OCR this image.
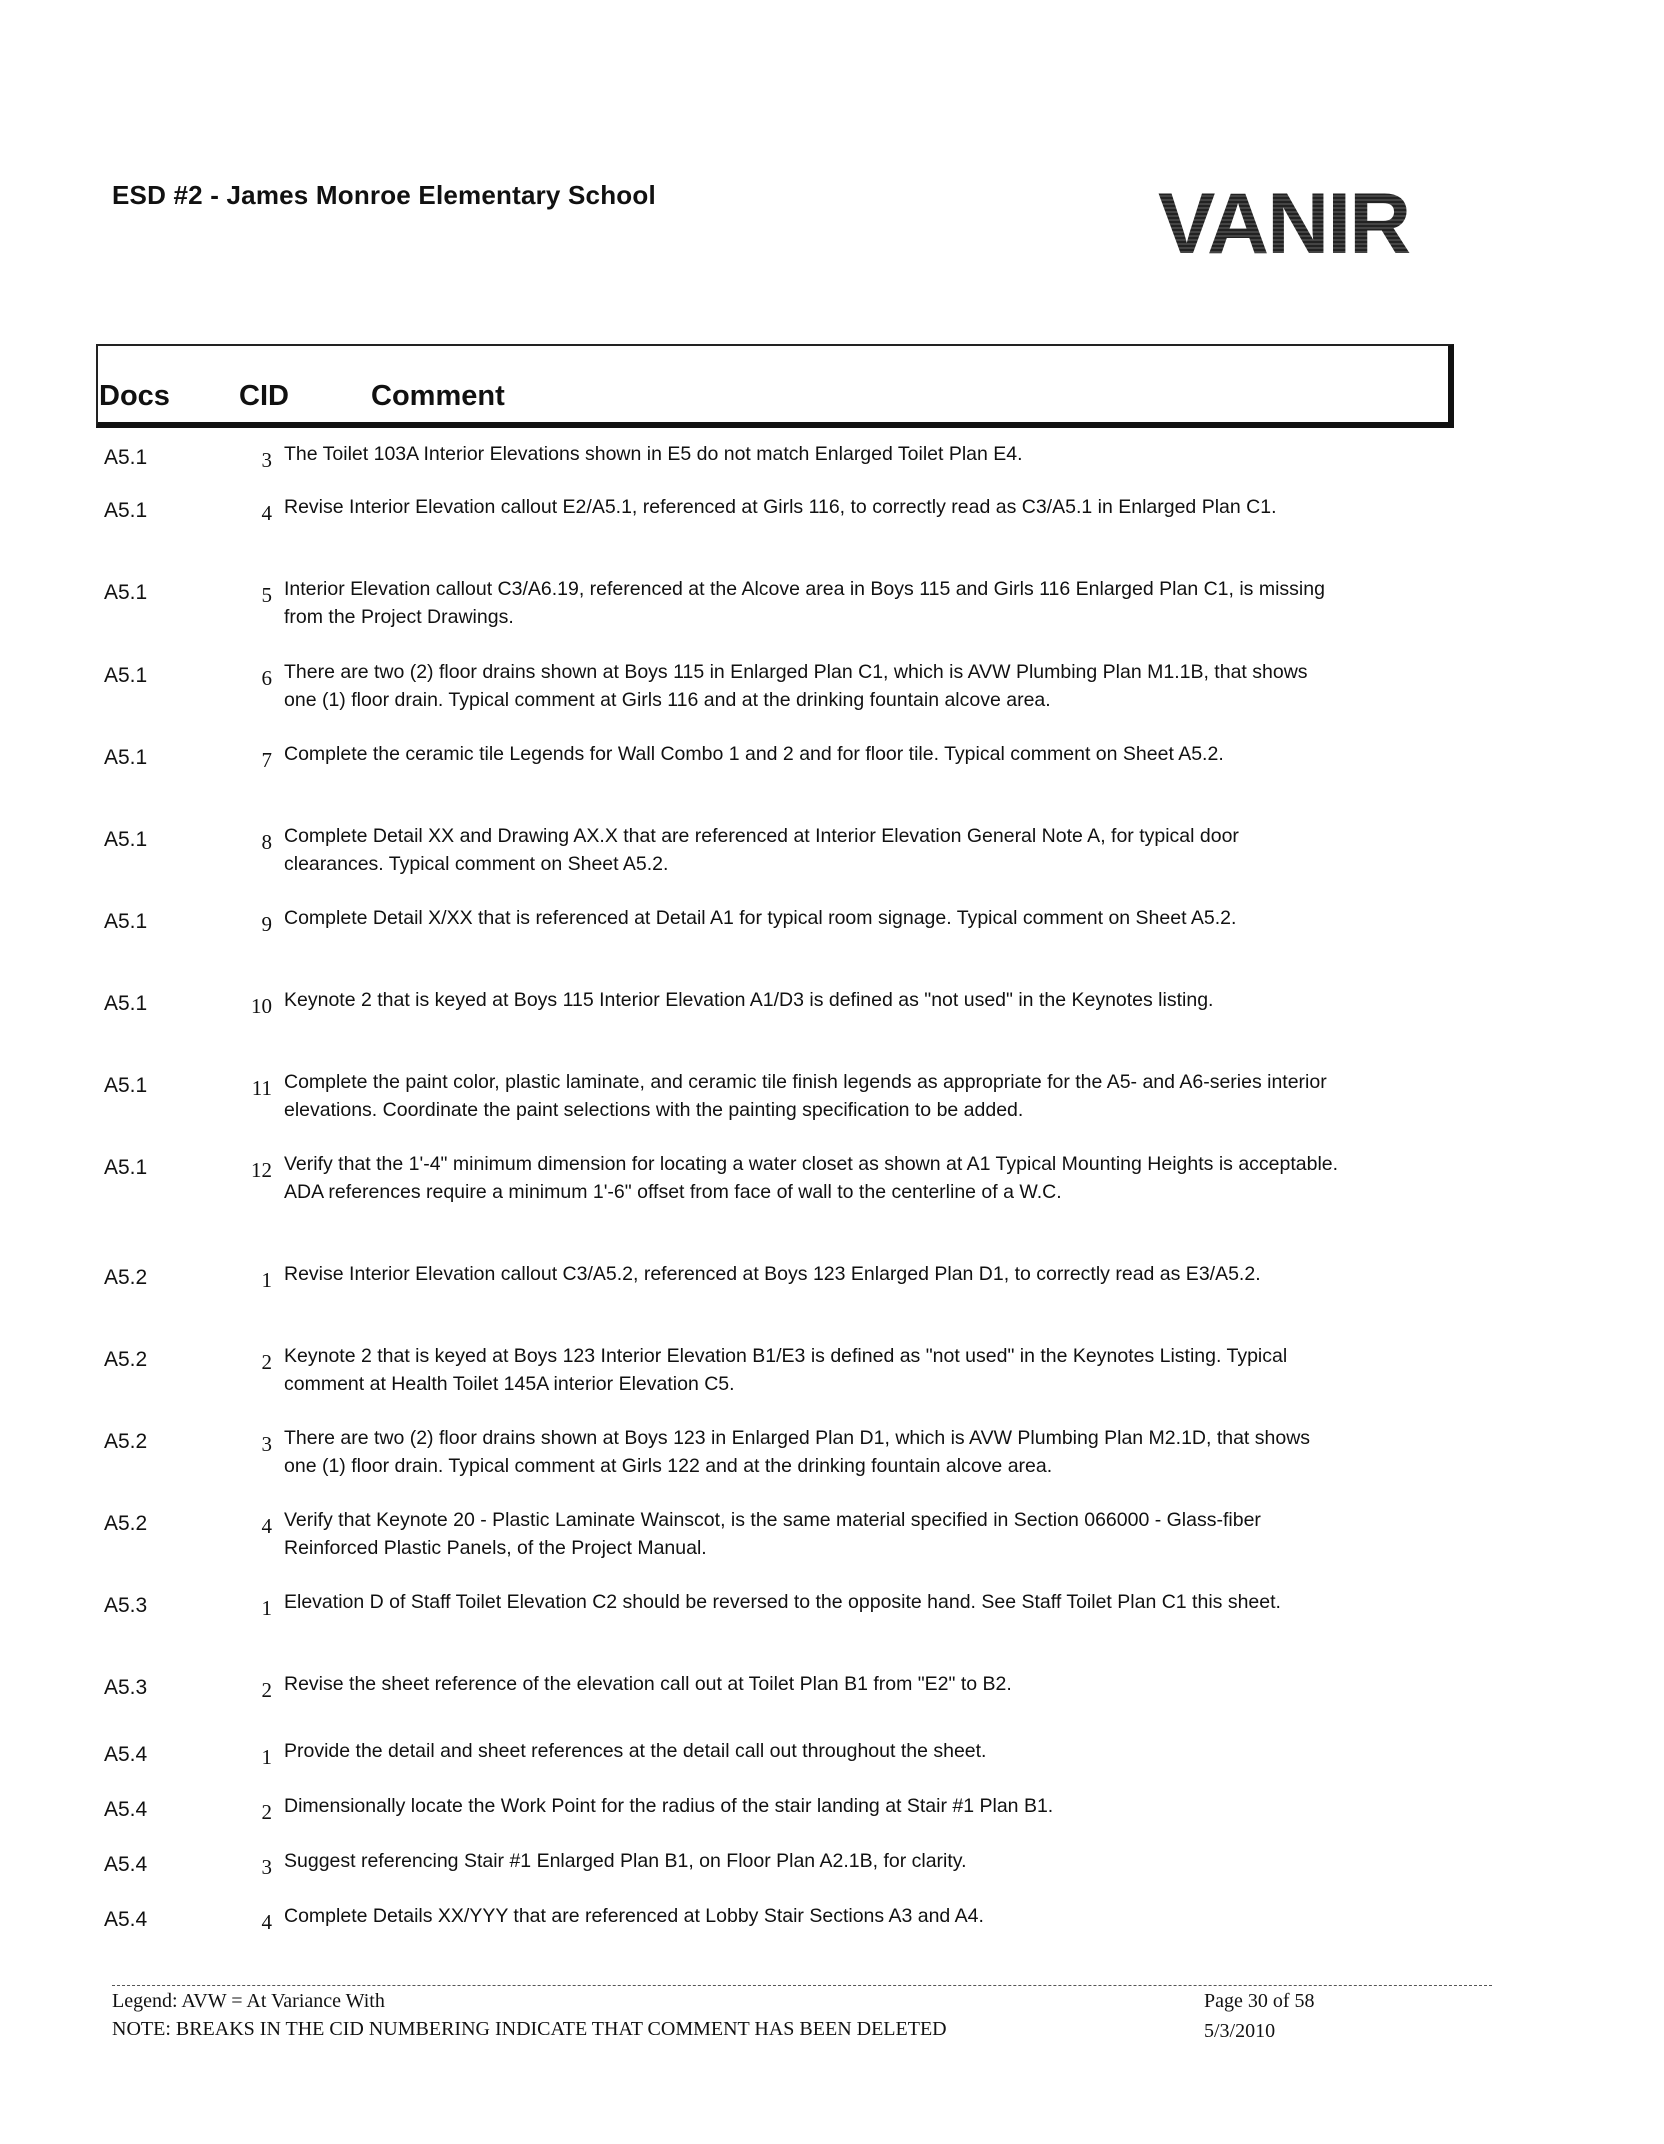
ESD #2 - James Monroe Elementary School	VANIR
Docs CID	Comment
A5.1	3 The Toilet 103A Interior Elevations shown in E5 do not match Enlarged Toilet Plan E4.
A5.1	4 Revise Interior Elevation callout E2/A5.1, referenced at Girls 116, to correctly read as C3/A5.1 in Enlarged Plan C1.
A5.1	5 Interior Elevation callout C3/A6.19, referenced at the Alcove area in Boys 115 and Girls 116 Enlarged Plan C1, is missing from the Project Drawings.
A5.1	6 There are two (2) floor drains shown at Boys 115 in Enlarged Plan C1, which is AVW Plumbing Plan M1.1B, that shows one (1) floor drain. Typical comment at Girls 116 and at the drinking fountain alcove area.
A5.1	7 Complete the ceramic tile Legends for Wall Combo 1 and 2 and for floor tile. Typical comment on Sheet A5.2.
A5.1	8 Complete Detail XX and Drawing AX.X that are referenced at Interior Elevation General Note A, for typical door clearances. Typical comment on Sheet A5.2.
A5.1	9 Complete Detail X/XX that is referenced at Detail A1 for typical room signage. Typical comment on Sheet A5.2.
A5.1	10 Keynote 2 that is keyed at Boys 115 Interior Elevation A1/D3 is defined as "not used" in the Keynotes listing.
A5.1	11 Complete the paint color, plastic laminate, and ceramic tile finish legends as appropriate for the A5- and A6-series interior elevations. Coordinate the paint selections with the painting specification to be added.
A5.1	12 Verify that the 1'-4" minimum dimension for locating a water closet as shown at A1 Typical Mounting Heights is acceptable. ADA references require a minimum 1'-6" offset from face of wall to the centerline of a W.C.
A5.2	1 Revise Interior Elevation callout C3/A5.2, referenced at Boys 123 Enlarged Plan D1, to correctly read as E3/A5.2.
A5.2	2 Keynote 2 that is keyed at Boys 123 Interior Elevation B1/E3 is defined as "not used" in the Keynotes Listing. Typical comment at Health Toilet 145A interior Elevation C5.
A5.2	3 There are two (2) floor drains shown at Boys 123 in Enlarged Plan D1, which is AVW Plumbing Plan M2.1D, that shows one (1) floor drain. Typical comment at Girls 122 and at the drinking fountain alcove area.
A5.2	4 Verify that Keynote 20 - Plastic Laminate Wainscot, is the same material specified in Section 066000 - Glass-fiber Reinforced Plastic Panels, of the Project Manual.
A5.3	1 Elevation D of Staff Toilet Elevation C2 should be reversed to the opposite hand. See Staff Toilet Plan C1 this sheet.
A5.3	2 Revise the sheet reference of the elevation call out at Toilet Plan B1 from "E2" to B2.
A5.4	1 Provide the detail and sheet references at the detail call out throughout the sheet.
A5.4	2 Dimensionally locate the Work Point for the radius of the stair landing at Stair #1 Plan B1.
A5.4	3 Suggest referencing Stair #1 Enlarged Plan B1, on Floor Plan A2.1B, for clarity.
A5.4	4 Complete Details XX/YYY that are referenced at Lobby Stair Sections A3 and A4.
Legend: AVW = At Variance With
NOTE: BREAKS IN THE CID NUMBERING INDICATE THAT COMMENT HAS BEEN DELETED
Page 30 of 58
5/3/2010
